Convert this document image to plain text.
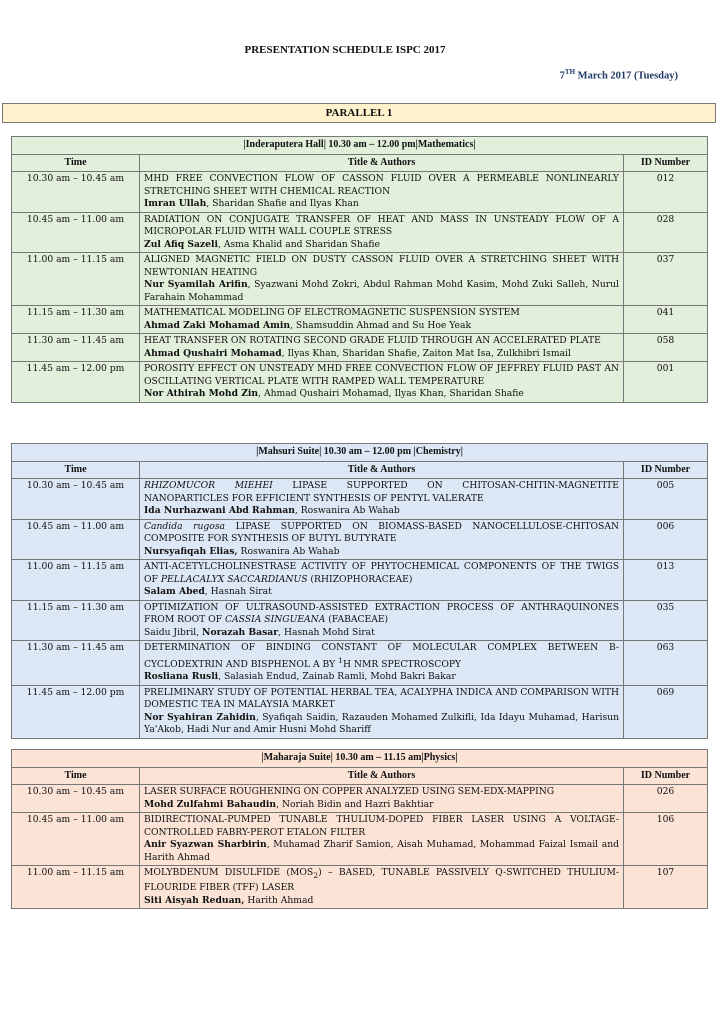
PRESENTATION SCHEDULE ISPC 2017
7TH March 2017 (Tuesday)
PARALLEL 1
|Inderaputera Hall| 10.30 am – 12.00 pm|Mathematics|		
Time	Title & Authors	ID Number
10.30 am – 10.45 am	MHD FREE CONVECTION FLOW OF CASSON FLUID OVER A PERMEABLE NONLINEARLY STRETCHING SHEET WITH CHEMICAL REACTION
Imran Ullah, Sharidan Shafie and Ilyas Khan	012
10.45 am – 11.00 am	RADIATION ON CONJUGATE TRANSFER OF HEAT AND MASS IN UNSTEADY FLOW OF A MICROPOLAR FLUID WITH WALL COUPLE STRESS
Zul Afiq Sazeli, Asma Khalid and Sharidan Shafie	028
11.00 am – 11.15 am	ALIGNED MAGNETIC FIELD ON DUSTY CASSON FLUID OVER A STRETCHING SHEET WITH NEWTONIAN HEATING
Nur Syamilah Arifin, Syazwani Mohd Zokri, Abdul Rahman Mohd Kasim, Mohd Zuki Salleh, Nurul Farahain Mohammad	037
11.15 am – 11.30 am	MATHEMATICAL MODELING OF ELECTROMAGNETIC SUSPENSION SYSTEM
Ahmad Zaki Mohamad Amin, Shamsuddin Ahmad and Su Hoe Yeak	041
11.30 am – 11.45 am	HEAT TRANSFER ON ROTATING SECOND GRADE FLUID THROUGH AN ACCELERATED PLATE
Ahmad Qushairi Mohamad, Ilyas Khan, Sharidan Shafie, Zaiton Mat Isa, Zulkhibri Ismail	058
11.45 am – 12.00 pm	POROSITY EFFECT ON UNSTEADY MHD FREE CONVECTION FLOW OF JEFFREY FLUID PAST AN OSCILLATING VERTICAL PLATE WITH RAMPED WALL TEMPERATURE
Nor Athirah Mohd Zin, Ahmad Qushairi Mohamad, Ilyas Khan, Sharidan Shafie	001
|Mahsuri Suite| 10.30 am – 12.00 pm |Chemistry|		
Time	Title & Authors	ID Number
10.30 am – 10.45 am	RHIZOMUCOR MIEHEI LIPASE SUPPORTED ON CHITOSAN-CHITIN-MAGNETITE NANOPARTICLES FOR EFFICIENT SYNTHESIS OF PENTYL VALERATE
Ida Nurhazwani Abd Rahman, Roswanira Ab Wahab	005
10.45 am – 11.00 am	Candida rugosa LIPASE SUPPORTED ON BIOMASS-BASED NANOCELLULOSE-CHITOSAN COMPOSITE FOR SYNTHESIS OF BUTYL BUTYRATE
Nursyafiqah Elias, Roswanira Ab Wahab	006
11.00 am – 11.15 am	ANTI-ACETYLCHOLINESTRASE ACTIVITY OF PHYTOCHEMICAL COMPONENTS OF THE TWIGS OF PELLACALYX SACCARDIANUS (RHIZOPHORACEAE)
Salam Abed, Hasnah Sirat	013
11.15 am – 11.30 am	OPTIMIZATION OF ULTRASOUND-ASSISTED EXTRACTION PROCESS OF ANTHRAQUINONES FROM ROOT OF CASSIA SINGUEANA (FABACEAE)
Saidu Jibril, Norazah Basar, Hasnah Mohd Sirat	035
11.30 am – 11.45 am	DETERMINATION OF BINDING CONSTANT OF MOLECULAR COMPLEX BETWEEN B-CYCLODEXTRIN AND BISPHENOL A BY $^1$H NMR SPECTROSCOPY
Rosliana Rusli, Salasiah Endud, Zainab Ramli, Mohd Bakri Bakar	063
11.45 am – 12.00 pm	PRELIMINARY STUDY OF POTENTIAL HERBAL TEA, ACALYPHA INDICA AND COMPARISON WITH DOMESTIC TEA IN MALAYSIA MARKET
Nor Syahiran Zahidin, Syafiqah Saidin, Razauden Mohamed Zulkifli, Ida Idayu Muhamad, Harisun Ya'Akob, Hadi Nur and Amir Husni Mohd Shariff	069
|Maharaja Suite| 10.30 am – 11.15 am|Physics|		
Time	Title & Authors	ID Number
10.30 am – 10.45 am	LASER SURFACE ROUGHENING ON COPPER ANALYZED USING SEM-EDX-MAPPING
Mohd Zulfahmi Bahaudin, Noriah Bidin and Hazri Bakhtiar	026
10.45 am – 11.00 am	BIDIRECTIONAL-PUMPED TUNABLE THULIUM-DOPED FIBER LASER USING A VOLTAGE-CONTROLLED FABRY-PEROT ETALON FILTER
Anir Syazwan Sharbirin, Muhamad Zharif Samion, Aisah Muhamad, Mohammad Faizal Ismail and Harith Ahmad	106
11.00 am – 11.15 am	MOLYBDENUM DISULFIDE $(MOS_2)$ – BASED, TUNABLE PASSIVELY Q-SWITCHED THULIUM-FLOURIDE FIBER (TFF) LASER
Siti Aisyah Reduan, Harith Ahmad	107
